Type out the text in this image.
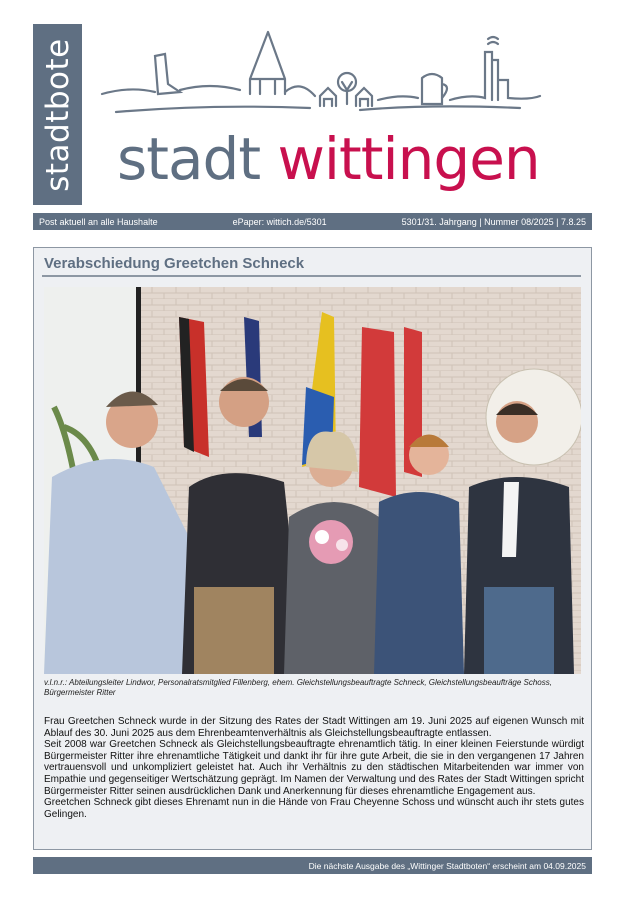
stadtbote stadt wittingen
Post aktuell an alle Haushalte	ePaper: wittich.de/5301	5301/31. Jahrgang | Nummer 08/2025 | 7.8.25
Verabschiedung Greetchen Schneck
v.l.n.r.: Abteilungsleiter Lindwor, Personalratsmitglied Fillenberg, ehem. Gleichstellungsbeauftragte Schneck, Gleichstellungsbeaufträge Schoss, Bürgermeister Ritter

Frau Greetchen Schneck wurde in der Sitzung des Rates der Stadt Wittingen am 19. Juni 2025 auf eigenen Wunsch mit Ablauf des 30. Juni 2025 aus dem Ehrenbeamtenverhältnis als Gleichstellungsbeauftragte entlassen.

Seit 2008 war Greetchen Schneck als Gleichstellungsbeauftragte ehrenamtlich tätig. In einer kleinen Feierstunde würdigt Bürgermeister Ritter ihre ehrenamtliche Tätigkeit und dankt ihr für ihre gute Arbeit, die sie in den vergangenen 17 Jahren vertrauensvoll und unkompliziert geleistet hat. Auch ihr Verhältnis zu den städtischen Mitarbeitenden war immer von Empathie und gegenseitiger Wertschätzung geprägt. Im Namen der Verwaltung und des Rates der Stadt Wittingen spricht Bürgermeister Ritter seinen ausdrücklichen Dank und Anerkennung für dieses ehrenamtliche Engagement aus.

Greetchen Schneck gibt dieses Ehrenamt nun in die Hände von Frau Cheyenne Schoss und wünscht auch ihr stets gutes Gelingen.

Die nächste Ausgabe des „Wittinger Stadtboten“ erscheint am 04.09.2025
